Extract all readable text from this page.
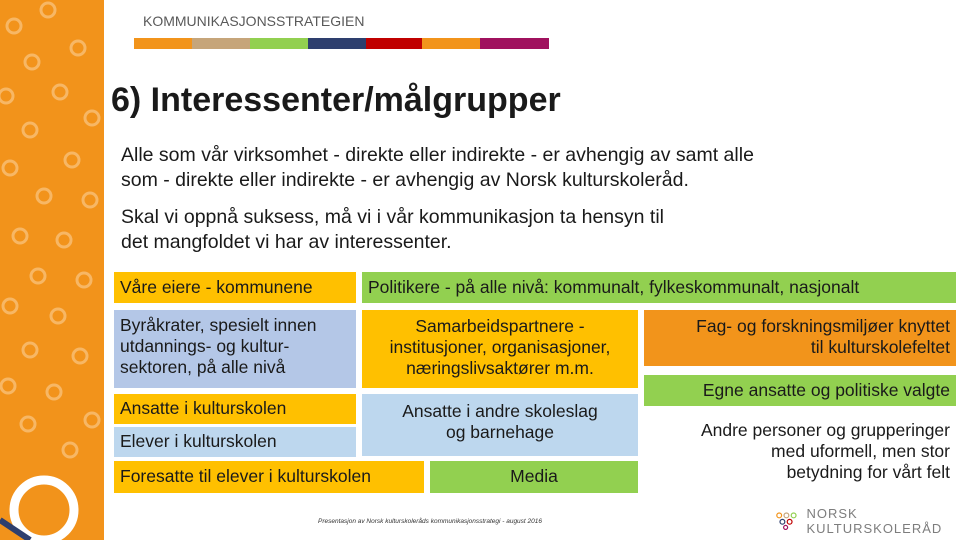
KOMMUNIKASJONSSTRATEGIEN
6) Interessenter/målgrupper
Alle som vår virksomhet - direkte eller indirekte - er avhengig av samt alle
som - direkte eller indirekte - er avhengig av Norsk kulturskoleråd.
Skal vi oppnå suksess, må vi i vår kommunikasjon ta hensyn til
det mangfoldet vi har av interessenter.
Våre eiere - kommunene	Politikere - på alle nivå: kommunalt, fylkeskommunalt, nasjonalt
Byråkrater, spesielt innen
utdannings- og kultur-
sektoren, på alle nivå
Samarbeidspartnere -
institusjoner, organisasjoner,
næringslivsaktører m.m.
Fag- og forskningsmiljøer knyttet
til kulturskolefeltet
Egne ansatte og politiske valgte
Ansatte i kulturskolen	Ansatte i andre skoleslag
og barnehage	Andre personer og grupperinger
med uformell, men stor
betydning for vårt felt
Elever i kulturskolen
Foresatte til elever i kulturskolen	Media
Presentasjon av Norsk kulturskoleråds kommunikasjonsstrategi - august 2016
NORSK KULTURSKOLERÅD
